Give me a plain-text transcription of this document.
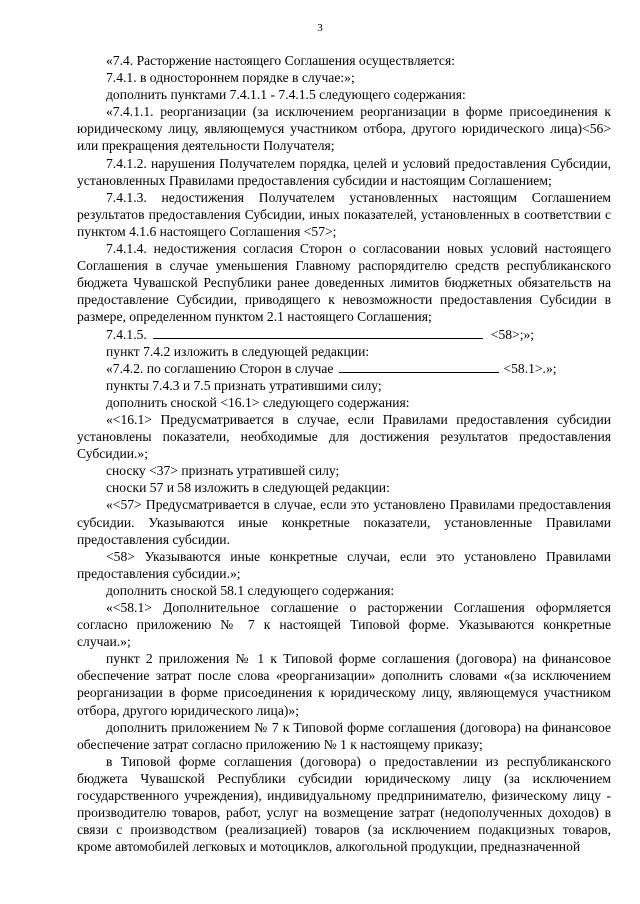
3

«7.4. Расторжение настоящего Соглашения осуществляется:

7.4.1. в одностороннем порядке в случае:»;

дополнить пунктами 7.4.1.1 - 7.4.1.5 следующего содержания:

«7.4.1.1. реорганизации (за исключением реорганизации в форме присоединения к юридическому лицу, являющемуся участником отбора, другого юридического лица)<56> или прекращения деятельности Получателя;

7.4.1.2. нарушения Получателем порядка, целей и условий предоставления Субсидии, установленных Правилами предоставления субсидии и настоящим Соглашением;

7.4.1.3. недостижения Получателем установленных настоящим Соглашением результатов предоставления Субсидии, иных показателей, установленных в соответствии с пунктом 4.1.6 настоящего Соглашения <57>;

7.4.1.4. недостижения согласия Сторон о согласовании новых условий настоящего Соглашения в случае уменьшения Главному распорядителю средств республиканского бюджета Чувашской Республики ранее доведенных лимитов бюджетных обязательств на предоставление Субсидии, приводящего к невозможности предоставления Субсидии в размере, определенном пунктом 2.1 настоящего Соглашения;

7.4.1.5.	<58>;»;

пункт 7.4.2 изложить в следующей редакции:

«7.4.2. по соглашению Сторон в случае	<58.1>.»;

пункты 7.4.3 и 7.5 признать утратившими силу;

дополнить сноской <16.1> следующего содержания:

«<16.1> Предусматривается в случае, если Правилами предоставления субсидии установлены показатели, необходимые для достижения результатов предоставления Субсидии.»;

сноску <37> признать утратившей силу;

сноски 57 и 58 изложить в следующей редакции:

«<57> Предусматривается в случае, если это установлено Правилами предоставления субсидии. Указываются иные конкретные показатели, установленные Правилами предоставления субсидии.

<58> Указываются иные конкретные случаи, если это установлено Правилами предоставления субсидии.»;

дополнить сноской 58.1 следующего содержания:

«<58.1> Дополнительное соглашение о расторжении Соглашения оформляется согласно приложению № 7 к настоящей Типовой форме. Указываются конкретные случаи.»;

пункт 2 приложения № 1 к Типовой форме соглашения (договора) на финансовое обеспечение затрат после слова «реорганизации» дополнить словами «(за исключением реорганизации в форме присоединения к юридическому лицу, являющемуся участником отбора, другого юридического лица)»;

дополнить приложением № 7 к Типовой форме соглашения (договора) на финансовое обеспечение затрат согласно приложению № 1 к настоящему приказу;

в Типовой форме соглашения (договора) о предоставлении из республиканского бюджета Чувашской Республики субсидии юридическому лицу (за исключением государственного учреждения), индивидуальному предпринимателю, физическому лицу - производителю товаров, работ, услуг на возмещение затрат (недополученных доходов) в связи с производством (реализацией) товаров (за исключением подакцизных товаров, кроме автомобилей легковых и мотоциклов, алкогольной продукции, предназначенной
